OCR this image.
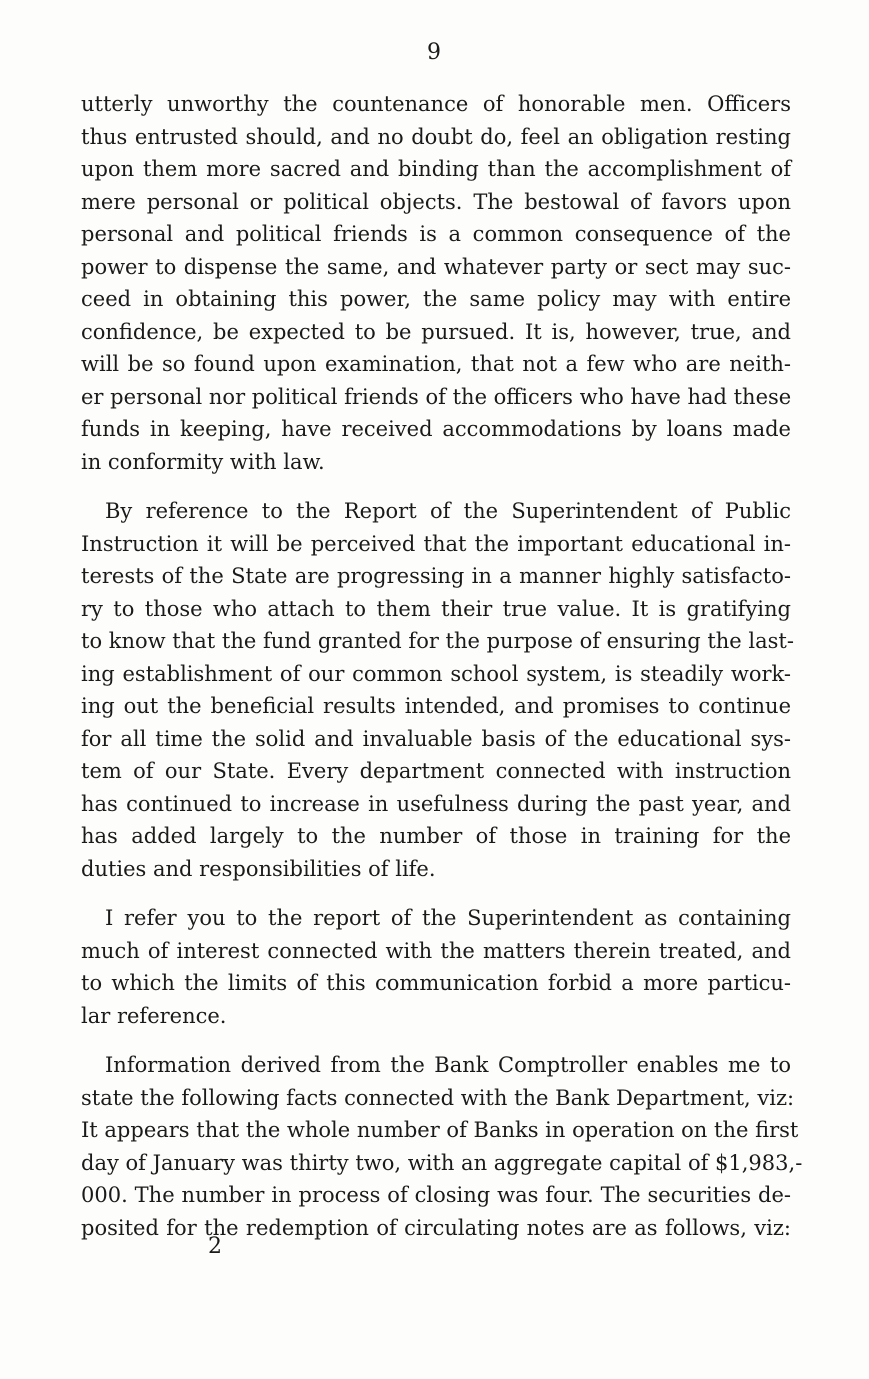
9
utterly unworthy the countenance of honorable men. Officers
thus entrusted should, and no doubt do, feel an obligation resting
upon them more sacred and binding than the accomplishment of
mere personal or political objects. The bestowal of favors upon
personal and political friends is a common consequence of the
power to dispense the same, and whatever party or sect may suc-
ceed in obtaining this power, the same policy may with entire
confidence, be expected to be pursued. It is, however, true, and
will be so found upon examination, that not a few who are neith-
er personal nor political friends of the officers who have had these
funds in keeping, have received accommodations by loans made
in conformity with law.
By reference to the Report of the Superintendent of Public
Instruction it will be perceived that the important educational in-
terests of the State are progressing in a manner highly satisfacto-
ry to those who attach to them their true value. It is gratifying
to know that the fund granted for the purpose of ensuring the last-
ing establishment of our common school system, is steadily work-
ing out the beneficial results intended, and promises to continue
for all time the solid and invaluable basis of the educational sys-
tem of our State. Every department connected with instruction
has continued to increase in usefulness during the past year, and
has added largely to the number of those in training for the
duties and responsibilities of life.
I refer you to the report of the Superintendent as containing
much of interest connected with the matters therein treated, and
to which the limits of this communication forbid a more particu-
lar reference.
Information derived from the Bank Comptroller enables me to
state the following facts connected with the Bank Department, viz:
It appears that the whole number of Banks in operation on the first
day of January was thirty two, with an aggregate capital of $1,983,-
000. The number in process of closing was four. The securities de-
posited for the redemption of circulating notes are as follows, viz:
2
